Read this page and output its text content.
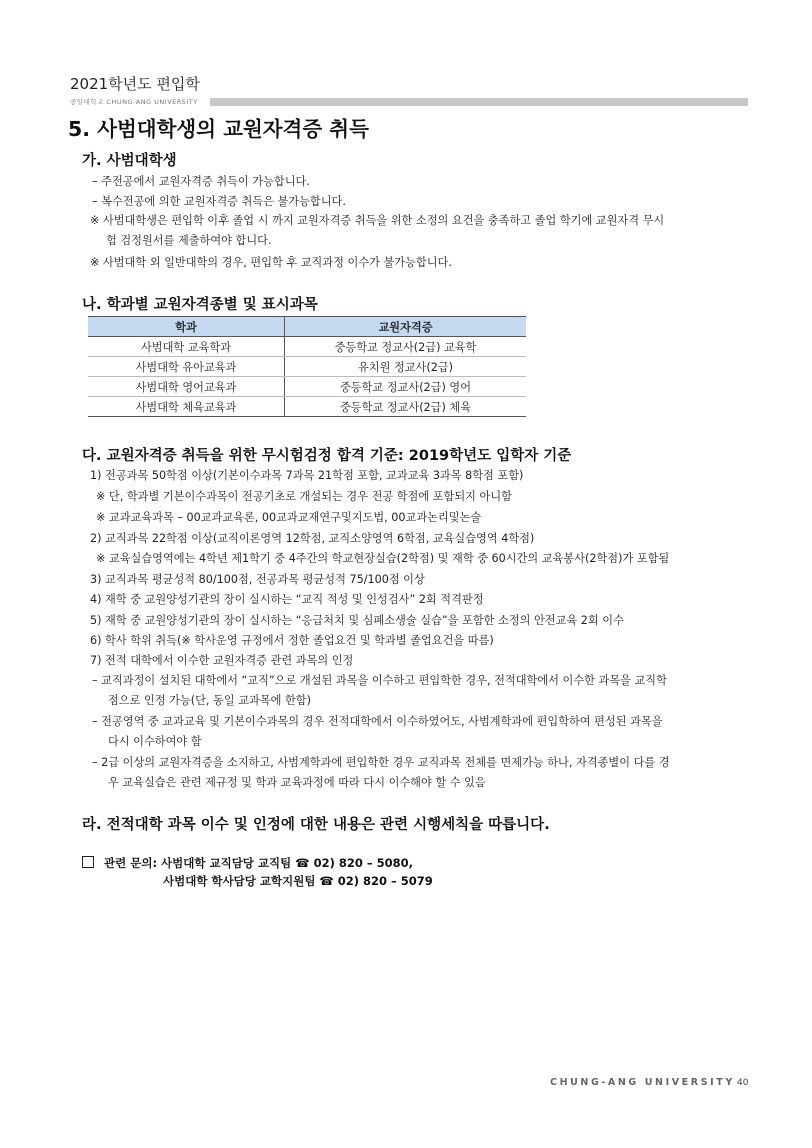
2021학년도 편입학
중앙대학교 CHUNG-ANG UNIVERSITY
5. 사범대학생의 교원자격증 취득
가. 사범대학생
– 주전공에서 교원자격증 취득이 가능합니다.
– 복수전공에 의한 교원자격증 취득은 불가능합니다.
※ 사범대학생은 편입학 이후 졸업 시 까지 교원자격증 취득을 위한 소정의 요건을 충족하고 졸업 학기에 교원자격 무시
험 검정원서를 제출하여야 합니다.
※ 사범대학 외 일반대학의 경우, 편입학 후 교직과정 이수가 불가능합니다.
나. 학과별 교원자격종별 및 표시과목
학과	교원자격증
사범대학 교육학과	중등학교 정교사(2급) 교육학
사범대학 유아교육과	유치원 정교사(2급)
사범대학 영어교육과	중등학교 정교사(2급) 영어
사범대학 체육교육과	중등학교 정교사(2급) 체육
다. 교원자격증 취득을 위한 무시험검정 합격 기준: 2019학년도 입학자 기준
1) 전공과목 50학점 이상(기본이수과목 7과목 21학점 포함, 교과교육 3과목 8학점 포함)
※ 단, 학과별 기본이수과목이 전공기초로 개설되는 경우 전공 학점에 포함되지 아니함
※ 교과교육과목 – 00교과교육론, 00교과교재연구및지도법, 00교과논리및논술
2) 교직과목 22학점 이상(교직이론영역 12학점, 교직소양영역 6학점, 교육실습영역 4학점)
※ 교육실습영역에는 4학년 제1학기 중 4주간의 학교현장실습(2학점) 및 재학 중 60시간의 교육봉사(2학점)가 포함됨
3) 교직과목 평균성적 80/100점, 전공과목 평균성적 75/100점 이상
4) 재학 중 교원양성기관의 장이 실시하는 “교직 적성 및 인성검사” 2회 적격판정
5) 재학 중 교원양성기관의 장이 실시하는 “응급처치 및 심폐소생술 실습”을 포함한 소정의 안전교육 2회 이수
6) 학사 학위 취득(※ 학사운영 규정에서 정한 졸업요건 및 학과별 졸업요건을 따름)
7) 전적 대학에서 이수한 교원자격증 관련 과목의 인정
– 교직과정이 설치된 대학에서 “교직”으로 개설된 과목을 이수하고 편입학한 경우, 전적대학에서 이수한 과목을 교직학
점으로 인정 가능(단, 동일 교과목에 한함)
– 전공영역 중 교과교육 및 기본이수과목의 경우 전적대학에서 이수하였어도, 사범계학과에 편입학하여 편성된 과목을
다시 이수하여야 함
– 2급 이상의 교원자격증을 소지하고, 사범계학과에 편입학한 경우 교직과목 전체를 면제가능 하나, 자격종별이 다를 경
우 교육실습은 관련 제규정 및 학과 교육과정에 따라 다시 이수해야 할 수 있음
라. 전적대학 과목 이수 및 인정에 대한 내용은 관련 시행세칙을 따릅니다.
관련 문의: 사범대학 교직담당 교직팀 ☎ 02) 820 – 5080,
사범대학 학사담당 교학지원팀 ☎ 02) 820 – 5079
CHUNG-ANG UNIVERSITY 40
